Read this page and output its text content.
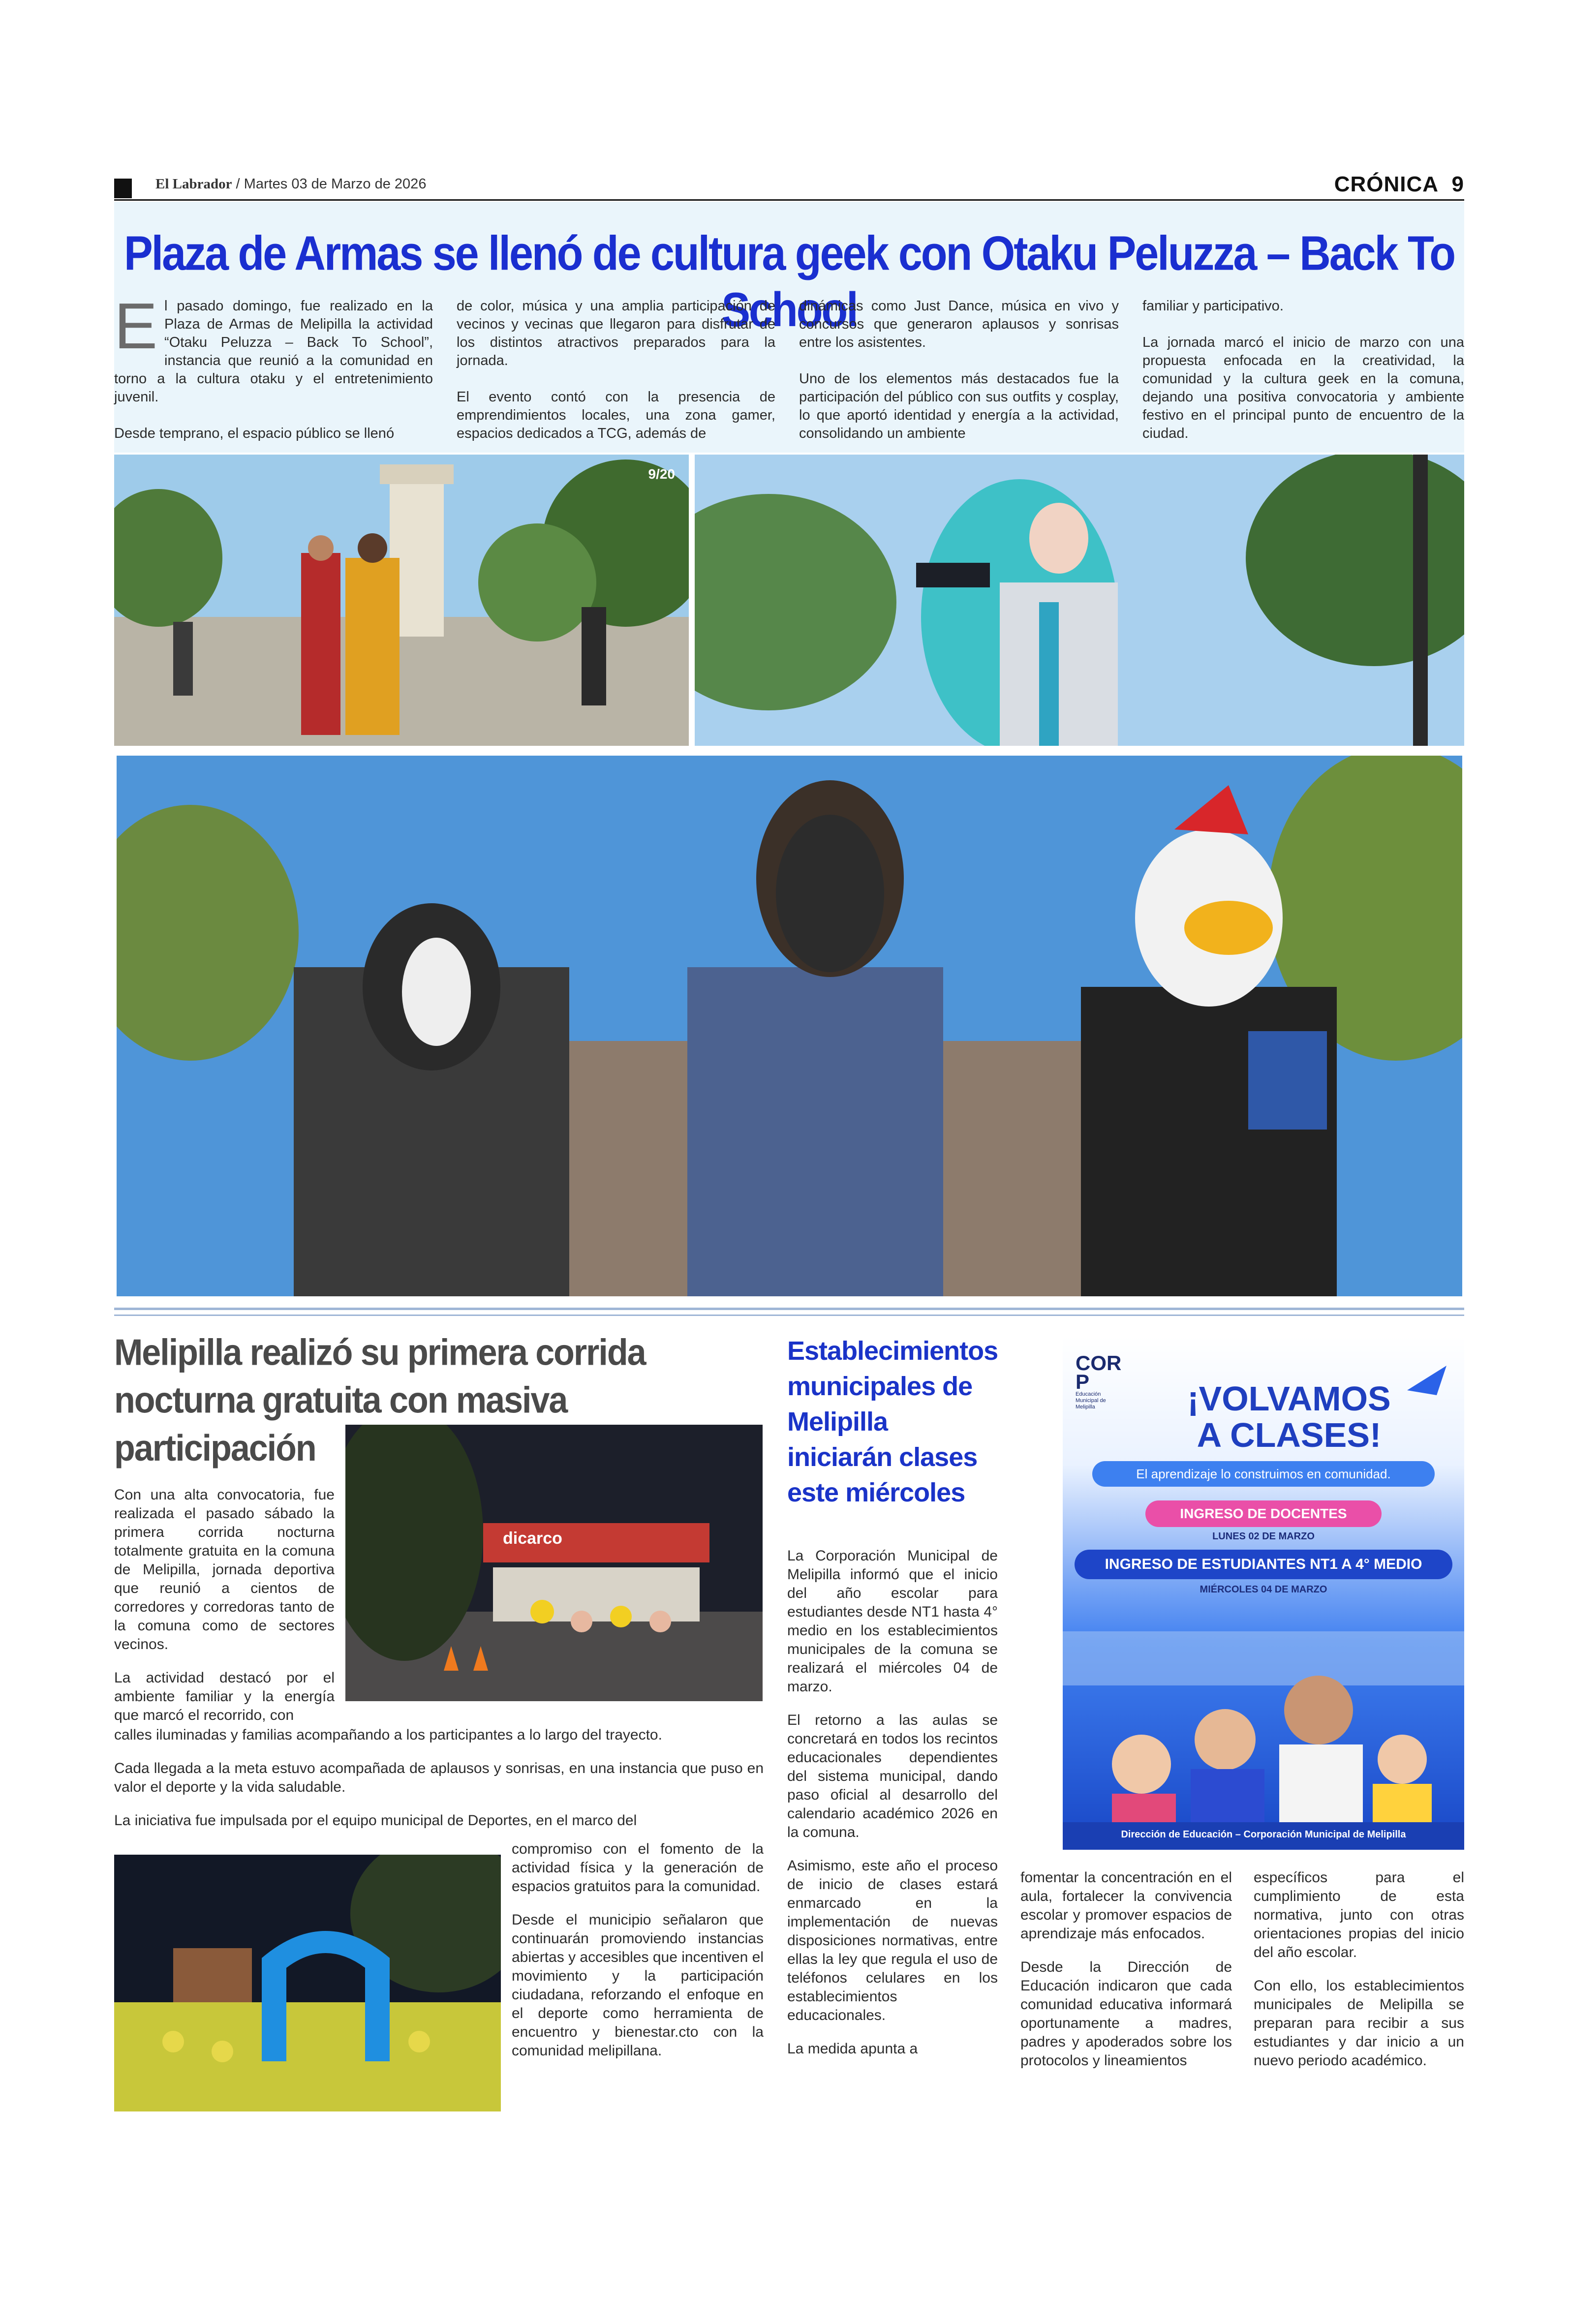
El Labrador / Martes 03 de Marzo de 2026	CRÓNICA 9
Plaza de Armas se llenó de cultura geek con Otaku Peluzza – Back To School
E l pasado domingo, fue realizado en la Plaza de Armas de Melipilla la actividad “Otaku Peluzza – Back To School”, instancia que reunió a la comunidad en torno a la cultura otaku y el entretenimiento juvenil.

Desde temprano, el espacio público se llenó

de color, música y una amplia participación de vecinos y vecinas que llegaron para disfrutar de los distintos atractivos preparados para la jornada.

El evento contó con la presencia de emprendimientos locales, una zona gamer, espacios dedicados a TCG, además de

dinámicas como Just Dance, música en vivo y concursos que generaron aplausos y sonrisas entre los asistentes.

Uno de los elementos más destacados fue la participación del público con sus outfits y cosplay, lo que aportó identidad y energía a la actividad, consolidando un ambiente

familiar y participativo.

La jornada marcó el inicio de marzo con una propuesta enfocada en la creatividad, la comunidad y la cultura geek en la comuna, dejando una positiva convocatoria y ambiente festivo en el principal punto de encuentro de la ciudad.

9/20
Melipilla realizó su primera corrida
nocturna gratuita con masiva
participación
dicarco

Con una alta convocatoria, fue realizada el pasado sábado la primera corrida nocturna totalmente gratuita en la comuna de Melipilla, jornada deportiva que reunió a cientos de corredores y corredoras tanto de la comuna como de sectores vecinos.

La actividad destacó por el ambiente familiar y la energía que marcó el recorrido, con

calles iluminadas y familias acompañando a los participantes a lo largo del trayecto.

Cada llegada a la meta estuvo acompañada de aplausos y sonrisas, en una instancia que puso en valor el deporte y la vida saludable.

La iniciativa fue impulsada por el equipo municipal de Deportes, en el marco del

compromiso con el fomento de la actividad física y la generación de espacios gratuitos para la comunidad.

Desde el municipio señalaron que continuarán promoviendo instancias abiertas y accesibles que incentiven el movimiento y la participación ciudadana, reforzando el enfoque en el deporte como herramienta de encuentro y bienestar.cto con la comunidad melipillana.

Establecimientos
municipales de
Melipilla
iniciarán clases
este miércoles

La Corporación Municipal de Melipilla informó que el inicio del año escolar para estudiantes desde NT1 hasta 4° medio en los establecimientos municipales de la comuna se realizará el miércoles 04 de marzo.

El retorno a las aulas se concretará en todos los recintos educacionales dependientes del sistema municipal, dando paso oficial al desarrollo del calendario académico 2026 en la comuna.

Asimismo, este año el proceso de inicio de clases estará enmarcado en la implementación de nuevas disposiciones normativas, entre ellas la ley que regula el uso de teléfonos celulares en los establecimientos educacionales.

La medida apunta a

fomentar la concentración en el aula, fortalecer la convivencia escolar y promover espacios de aprendizaje más enfocados.

Desde la Dirección de Educación indicaron que cada comunidad educativa informará oportunamente a madres, padres y apoderados sobre los protocolos y lineamientos

específicos para el cumplimiento de esta normativa, junto con otras orientaciones propias del inicio del año escolar.

Con ello, los establecimientos municipales de Melipilla se preparan para recibir a sus estudiantes y dar inicio a un nuevo periodo académico.

COR
P
Educación Municipal de Melipilla	¡VOLVAMOS
A CLASES!
El aprendizaje lo construimos en comunidad.
INGRESO DE DOCENTES
LUNES 02 DE MARZO
INGRESO DE ESTUDIANTES NT1 A 4° MEDIO
MIÉRCOLES 04 DE MARZO
Dirección de Educación – Corporación Municipal de Melipilla
